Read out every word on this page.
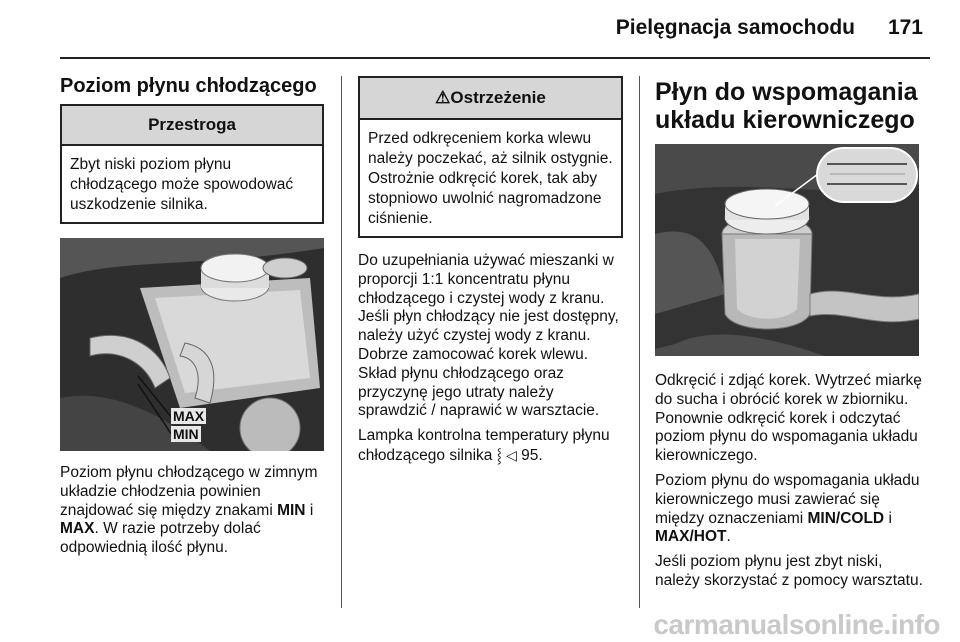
Pielęgnacja samochodu	171
Poziom płynu chłodzącego
Przestroga
Zbyt niski poziom płynu chłodzącego może spowodować uszkodzenie silnika.
MAX
MIN

Poziom płynu chłodzącego w zimnym układzie chłodzenia powinien znajdować się między znakami MIN i MAX. W razie potrzeby dolać odpowiednią ilość płynu.

⚠Ostrzeżenie
Przed odkręceniem korka wlewu należy poczekać, aż silnik ostygnie. Ostrożnie odkręcić korek, tak aby stopniowo uwolnić nagromadzone ciśnienie.

Do uzupełniania używać mieszanki w proporcji 1:1 koncentratu płynu chłodzącego i czystej wody z kranu. Jeśli płyn chłodzący nie jest dostępny, należy użyć czystej wody z kranu. Dobrze zamocować korek wlewu. Skład płynu chłodzącego oraz przyczynę jego utraty należy sprawdzić / naprawić w warsztacie.

Lampka kontrolna temperatury płynu chłodzącego silnika ⸾ ◁ 95.

Płyn do wspomagania układu kierowniczego

Odkręcić i zdjąć korek. Wytrzeć miarkę do sucha i obrócić korek w zbiorniku. Ponownie odkręcić korek i odczytać poziom płynu do wspomagania układu kierowniczego.

Poziom płynu do wspomagania układu kierowniczego musi zawierać się między oznaczeniami MIN/COLD i MAX/HOT.

Jeśli poziom płynu jest zbyt niski, należy skorzystać z pomocy warsztatu.

carmanualsonline.info
